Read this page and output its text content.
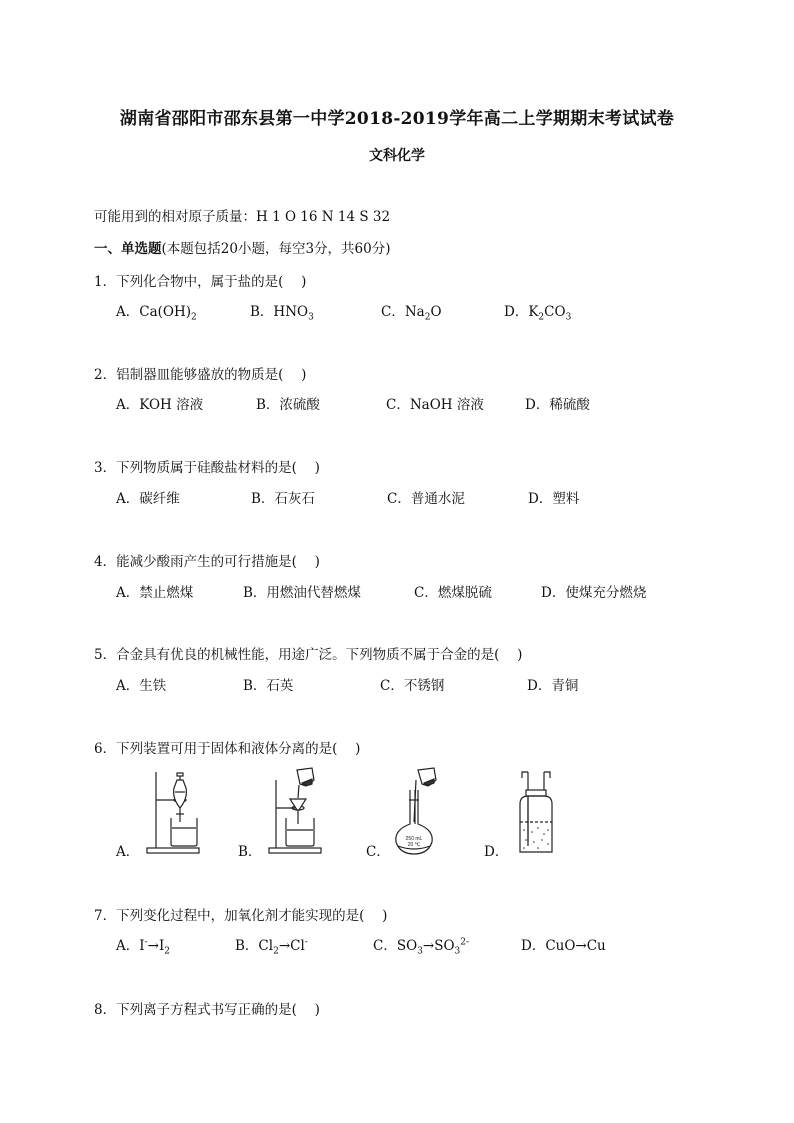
湖南省邵阳市邵东县第一中学2018-2019学年高二上学期期末考试试卷
文科化学
可能用到的相对原子质量：H 1 O 16 N 14 S 32
一、单选题(本题包括20小题，每空3分，共60分)
1．下列化合物中，属于盐的是(　 )
A．$Ca(OH)_2$	B．$HNO_3$	C．$Na_2O$	D．$K_2CO_3$
2．铝制器皿能够盛放的物质是(　 )
A．KOH 溶液	B．浓硫酸	C．NaOH 溶液	D．稀硫酸
3．下列物质属于硅酸盐材料的是(　 )
A．碳纤维	B．石灰石	C．普通水泥	D．塑料
4．能减少酸雨产生的可行措施是(　 )
A．禁止燃煤	B．用燃油代替燃煤	C．燃煤脱硫	D．使煤充分燃烧
5．合金具有优良的机械性能，用途广泛。下列物质不属于合金的是(　 )
A．生铁	B．石英	C．不锈钢	D．青铜
6．下列装置可用于固体和液体分离的是(　 )
A．	B．	C．	D．
250 mL
20 ℃
7．下列变化过程中，加氧化剂才能实现的是(　 )
A．$I^-\to I_2$	B．$Cl_2\to Cl^-$	C．$SO_3\to SO_3^{2-}$	D．CuO→Cu
8．下列离子方程式书写正确的是(　 )
